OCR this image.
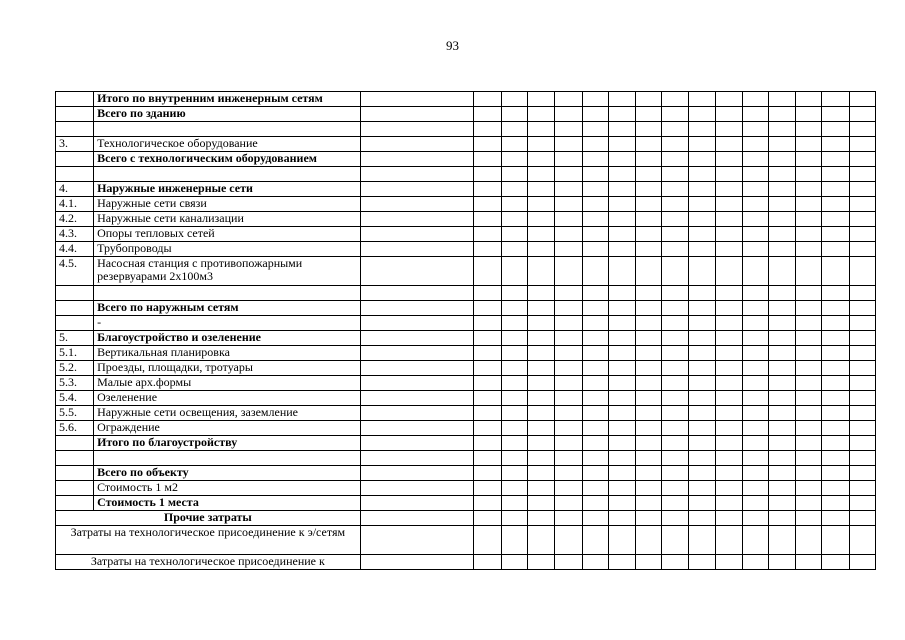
93
	Итого по внутренним инженерным сетям																
	Всего по зданию																

3.	Технологическое оборудование																
	Всего с технологическим оборудованием																

4.	Наружные инженерные сети																
4.1.	Наружные сети связи																
4.2.	Наружные сети канализации																
4.3.	Опоры тепловых сетей																
4.4.	Трубопроводы																
4.5.	Насосная станция с противопожарными резервуарами 2х100м3																

	Всего по наружным сетям																
	-																
5.	Благоустройство и озеленение																
5.1.	Вертикальная планировка																
5.2.	Проезды, площадки, тротуары																
5.3.	Малые арх.формы																
5.4.	Озеленение																
5.5.	Наружные сети освещения, заземление																
5.6.	Ограждение																
	Итого по благоустройству																

	Всего по объекту																
	Стоимость 1 м2																
	Стоимость 1 места																
Прочие затраты																	
Затраты на технологическое присоединение к э/сетям																	
Затраты на технологическое присоединение к																	
